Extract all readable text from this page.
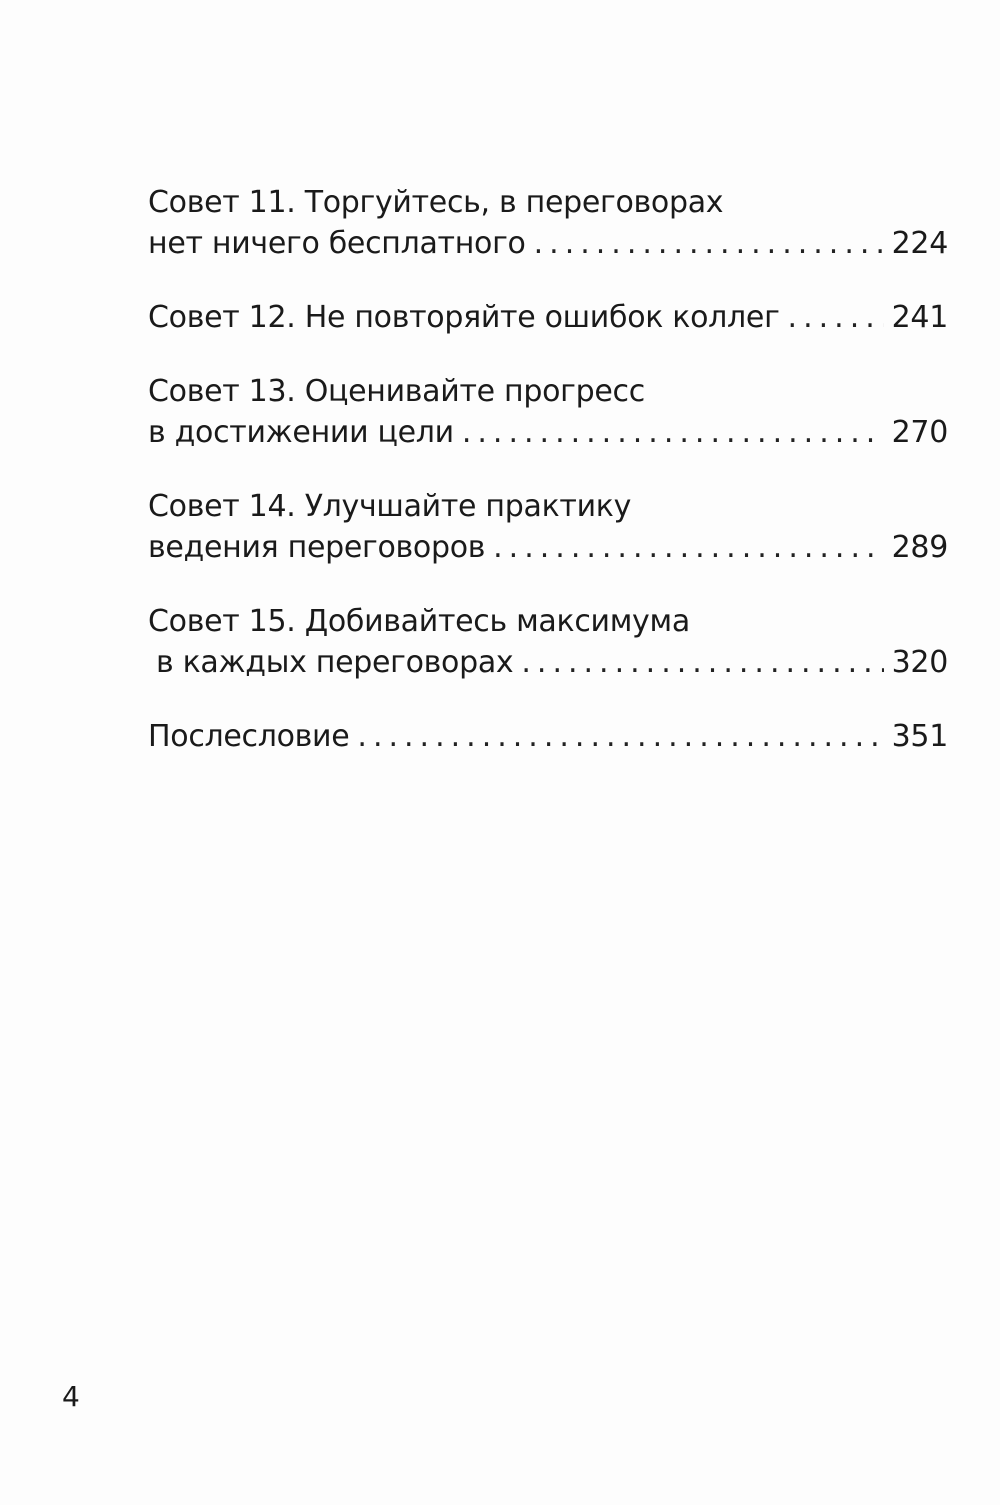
Совет 11. Торгуйтесь, в переговорах
нет ничего бесплатного .....	224
Совет 12. Не повторяйте ошибок коллег .....	241
Совет 13. Оценивайте прогресс
в достижении цели .....	270
Совет 14. Улучшайте практику
ведения переговоров .....	289
Совет 15. Добивайтесь максимума
в каждых переговорах .....	320
Послесловие .....	351
4
